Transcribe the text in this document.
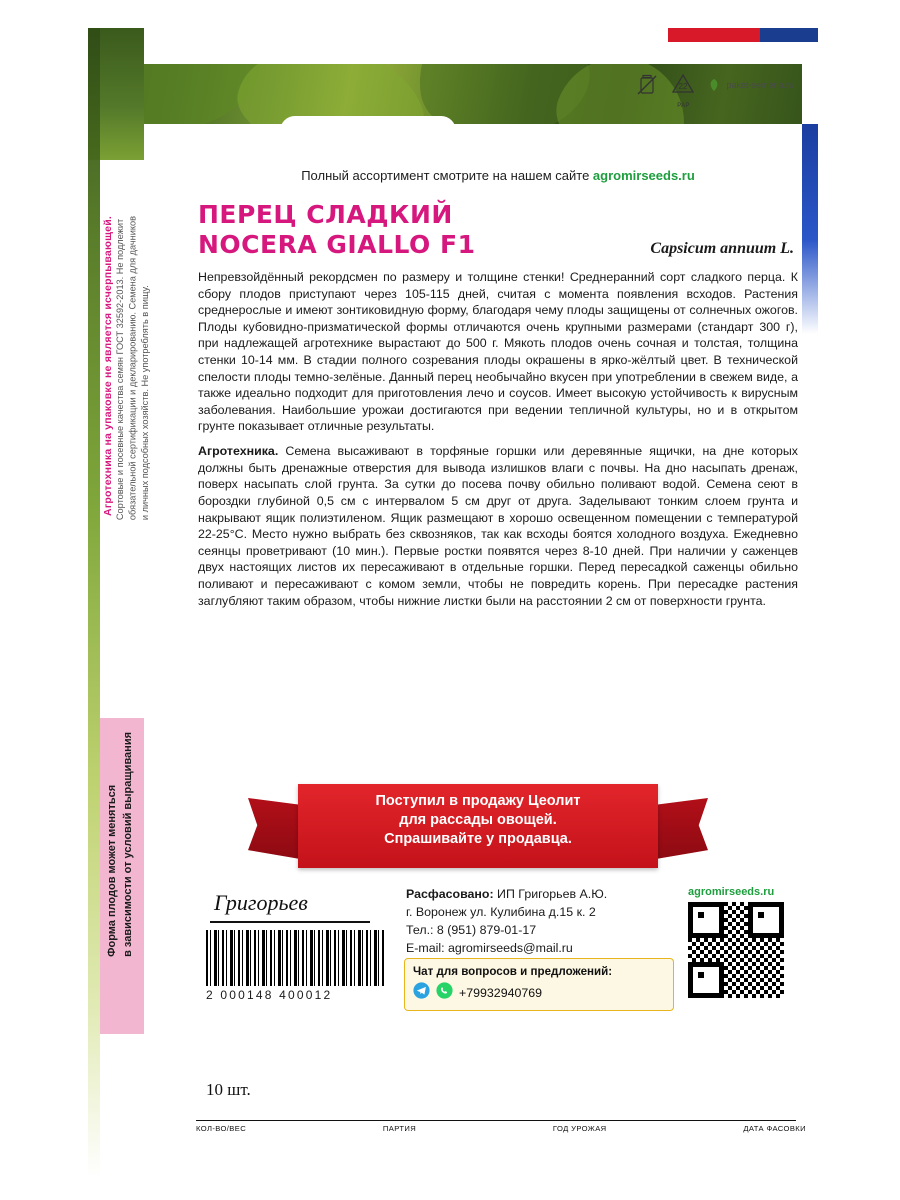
22
PAP
paket-semena.ru
Агротехника на упаковке не является исчерпывающей. Сортовые и посевные качества семян ГОСТ 32592-2013. Не подлежит обязательной сертификации и декларированию. Семена для дачников и личных подсобных хозяйств. Не употреблять в пищу.
Форма плодов может меняться в зависимости от условий выращивания
Полный ассортимент смотрите на нашем сайте agromirseeds.ru
ПЕРЕЦ СЛАДКИЙ
NOCERA GIALLO F1	Capsicum annuum L.

Непревзойдённый рекордсмен по размеру и толщине стенки! Среднеранний сорт сладкого перца. К сбору плодов приступают через 105-115 дней, считая с момента появления всходов. Растения среднерослые и имеют зонтиковидную форму, благодаря чему плоды защищены от солнечных ожогов. Плоды кубовидно-призматической формы отличаются очень крупными размерами (стандарт 300 г), при надлежащей агротехнике вырастают до 500 г. Мякоть плодов очень сочная и толстая, толщина стенки 10-14 мм. В стадии полного созревания плоды окрашены в ярко-жёлтый цвет. В технической спелости плоды темно-зелёные. Данный перец необычайно вкусен при употреблении в свежем виде, а также идеально подходит для приготовления лечо и соусов. Имеет высокую устойчивость к вирусным заболевания. Наибольшие урожаи достигаются при ведении тепличной культуры, но и в открытом грунте показывает отличные результаты.

Агротехника. Семена высаживают в торфяные горшки или деревянные ящички, на дне которых должны быть дренажные отверстия для вывода излишков влаги с почвы. На дно насыпать дренаж, поверх насыпать слой грунта. За сутки до посева почву обильно поливают водой. Семена сеют в бороздки глубиной 0,5 см с интервалом 5 см друг от друга. Заделывают тонким слоем грунта и накрывают ящик полиэтиленом. Ящик размещают в хорошо освещенном помещении с температурой 22-25°С. Место нужно выбрать без сквозняков, так как всходы боятся холодного воздуха. Ежедневно сеянцы проветривают (10 мин.). Первые ростки появятся через 8-10 дней. При наличии у саженцев двух настоящих листов их пересаживают в отдельные горшки. Перед пересадкой саженцы обильно поливают и пересаживают с комом земли, чтобы не повредить корень. При пересадке растения заглубляют таким образом, чтобы нижние листки были на расстоянии 2 см от поверхности грунта.

Поступил в продажу Цеолит
для рассады овощей.
Спрашивайте у продавца.
Григорьев
2 000148 400012
Расфасовано: ИП Григорьев А.Ю.
г. Воронеж ул. Кулибина д.15 к. 2
Тел.: 8 (951) 879-01-17
E-mail: agromirseeds@mail.ru
Чат для вопросов и предложений:
+79932940769
agromirseeds.ru
10 шт.
КОЛ-ВО/ВЕС	ПАРТИЯ	ГОД УРОЖАЯ	ДАТА ФАСОВКИ
